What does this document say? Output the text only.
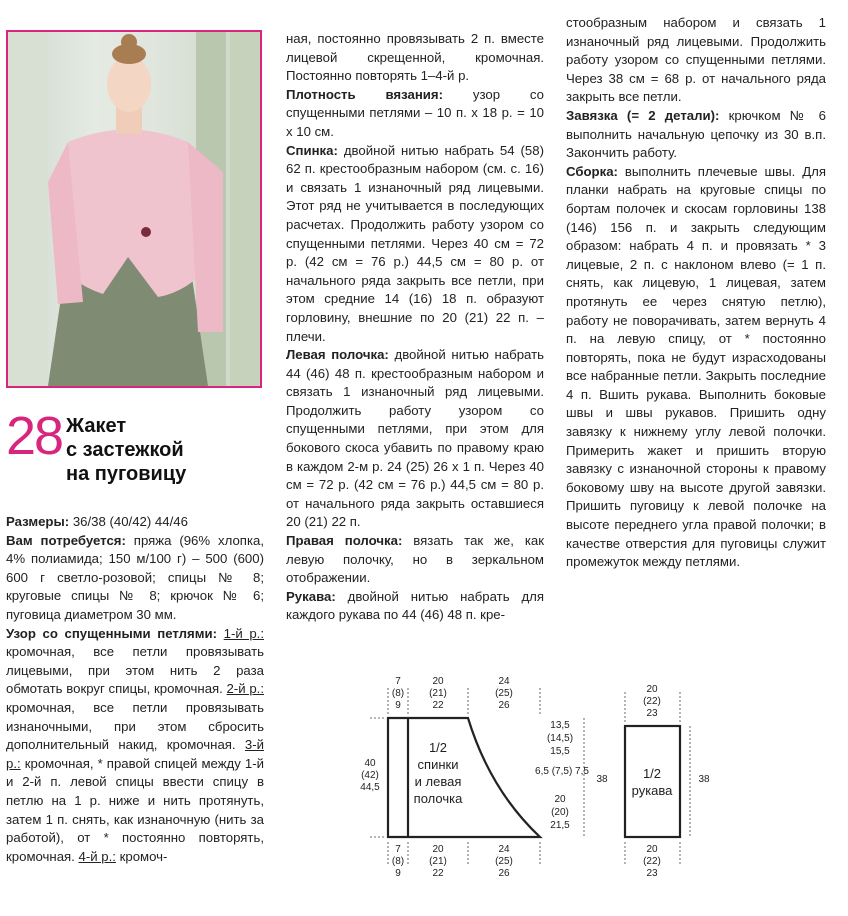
28 Жакет
с застежкой
на пуговицу

Размеры: 36/38 (40/42) 44/46

Вам потребуется: пряжа (96% хлопка, 4% полиамида; 150 м/100 г) – 500 (600) 600 г светло-розовой; спицы № 8; круговые спицы № 8; крючок № 6; пуговица диаметром 30 мм.

Узор со спущенными петлями: 1-й р.: кромочная, все петли провязывать лицевыми, при этом нить 2 раза обмотать вокруг спицы, кромочная. 2-й р.: кромочная, все петли провязывать изнаночными, при этом сбросить дополнительный накид, кромочная. 3-й р.: кромочная, * правой спицей между 1-й и 2-й п. левой спицы ввести спицу в петлю на 1 р. ниже и нить протянуть, затем 1 п. снять, как изнаночную (нить за работой), от * постоянно повторять, кромочная. 4-й р.: кромоч-

ная, постоянно провязывать 2 п. вместе лицевой скрещенной, кромочная. Постоянно повторять 1–4-й р.

Плотность вязания: узор со спущенными петлями – 10 п. x 18 р. = 10 x 10 см.

Спинка: двойной нитью набрать 54 (58) 62 п. крестообразным набором (см. с. 16) и связать 1 изнаночный ряд лицевыми. Этот ряд не учитывается в последующих расчетах. Продолжить работу узором со спущенными петлями. Через 40 см = 72 р. (42 см = 76 р.) 44,5 см = 80 р. от начального ряда закрыть все петли, при этом средние 14 (16) 18 п. образуют горловину, внешние по 20 (21) 22 п. – плечи.

Левая полочка: двойной нитью набрать 44 (46) 48 п. крестообразным набором и связать 1 изнаночный ряд лицевыми. Продолжить работу узором со спущенными петлями, при этом для бокового скоса убавить по правому краю в каждом 2-м р. 24 (25) 26 x 1 п. Через 40 см = 72 р. (42 см = 76 р.) 44,5 см = 80 р. от начального ряда закрыть оставшиеся 20 (21) 22 п.

Правая полочка: вязать так же, как левую полочку, но в зеркальном отображении.

Рукава: двойной нитью набрать для каждого рукава по 44 (46) 48 п. кре-

стообразным набором и связать 1 изнаночный ряд лицевыми. Продолжить работу узором со спущенными петлями. Через 38 см = 68 р. от начального ряда закрыть все петли.

Завязка (= 2 детали): крючком № 6 выполнить начальную цепочку из 30 в.п. Закончить работу.

Сборка: выполнить плечевые швы. Для планки набрать на круговые спицы по бортам полочек и скосам горловины 138 (146) 156 п. и закрыть следующим образом: набрать 4 п. и провязать * 3 лицевые, 2 п. с наклоном влево (= 1 п. снять, как лицевую, 1 лицевая, затем протянуть ее через снятую петлю), работу не поворачивать, затем вернуть 4 п. на левую спицу, от * постоянно повторять, пока не будут израсходованы все набранные петли. Закрыть последние 4 п. Вшить рукава. Выполнить боковые швы и швы рукавов. Пришить одну завязку к нижнему углу левой полочки. Примерить жакет и пришить вторую завязку с изнаночной стороны к правому боковому шву на высоте другой завязки. Пришить пуговицу к левой полочке на высоте переднего угла правой полочки; в качестве отверстия для пуговицы служит промежуток между петлями.

1/2
спинки
и левая
полочка
1/2
рукава
7
(8)
9
20
(21)
22
24
(25)
26
7
(8)
9
20
(21)
22
24
(25)
26
40
(42)
44,5
13,5
(14,5)
15,5
6,5 (7,5) 7,5
20
(20)
21,5
38
20
(22)
23
20
(22)
23
38
